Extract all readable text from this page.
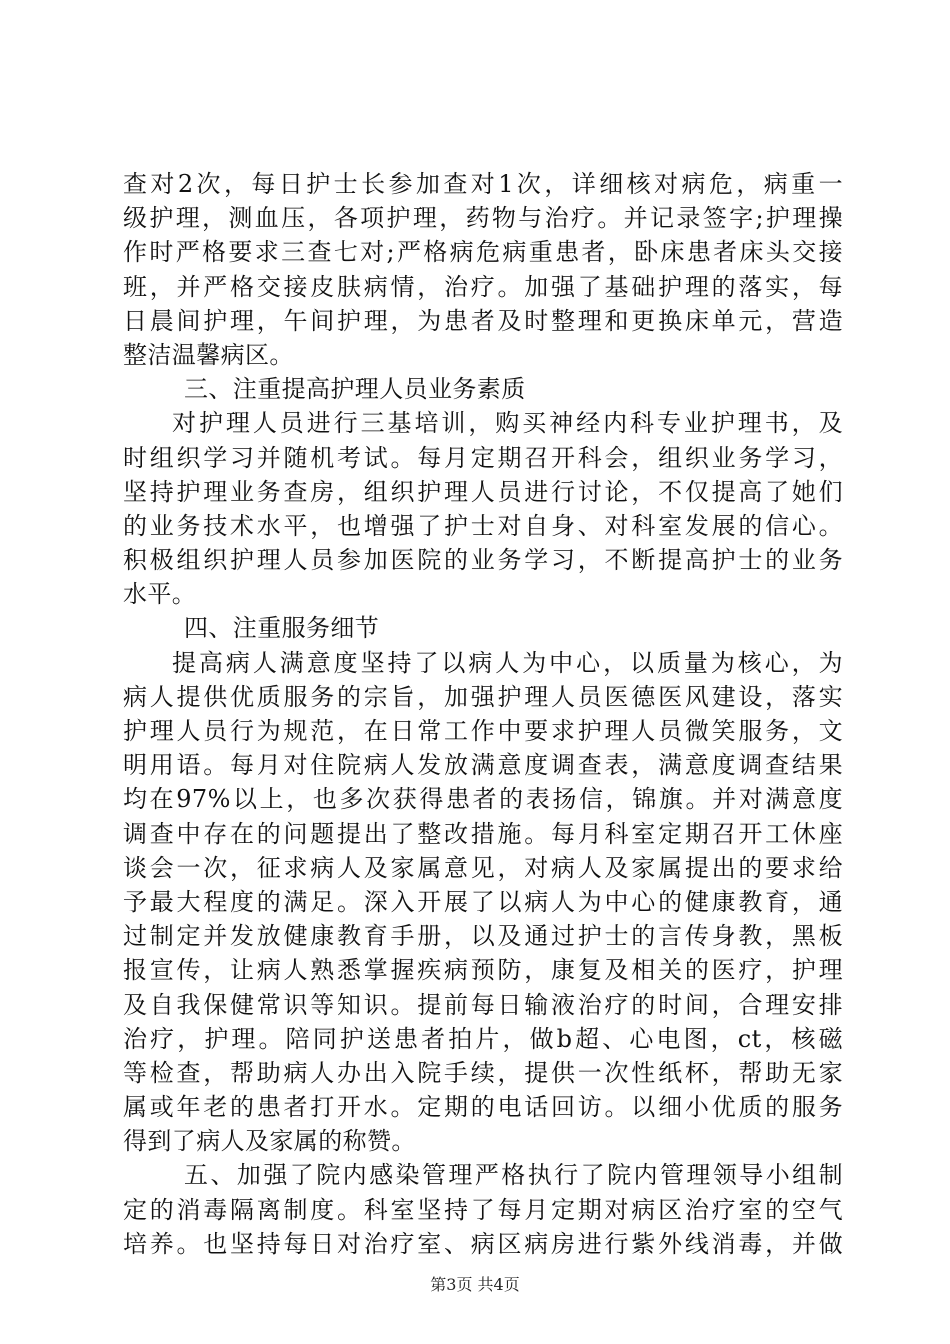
查对2次，每日护士长参加查对1次，详细核对病危，病重一
级护理，测血压，各项护理，药物与治疗。并记录签字;护理操
作时严格要求三查七对;严格病危病重患者，卧床患者床头交接
班，并严格交接皮肤病情，治疗。加强了基础护理的落实，每
日晨间护理，午间护理，为患者及时整理和更换床单元，营造
整洁温馨病区。
三、注重提高护理人员业务素质
对护理人员进行三基培训，购买神经内科专业护理书，及
时组织学习并随机考试。每月定期召开科会，组织业务学习，
坚持护理业务查房，组织护理人员进行讨论，不仅提高了她们
的业务技术水平，也增强了护士对自身、对科室发展的信心。
积极组织护理人员参加医院的业务学习，不断提高护士的业务
水平。
四、注重服务细节
提高病人满意度坚持了以病人为中心，以质量为核心，为
病人提供优质服务的宗旨，加强护理人员医德医风建设，落实
护理人员行为规范，在日常工作中要求护理人员微笑服务，文
明用语。每月对住院病人发放满意度调查表，满意度调查结果
均在97%以上，也多次获得患者的表扬信，锦旗。并对满意度
调查中存在的问题提出了整改措施。每月科室定期召开工休座
谈会一次，征求病人及家属意见，对病人及家属提出的要求给
予最大程度的满足。深入开展了以病人为中心的健康教育，通
过制定并发放健康教育手册，以及通过护士的言传身教，黑板
报宣传，让病人熟悉掌握疾病预防，康复及相关的医疗，护理
及自我保健常识等知识。提前每日输液治疗的时间，合理安排
治疗，护理。陪同护送患者拍片，做b超、心电图，ct，核磁
等检查，帮助病人办出入院手续，提供一次性纸杯，帮助无家
属或年老的患者打开水。定期的电话回访。以细小优质的服务
得到了病人及家属的称赞。
五、加强了院内感染管理严格执行了院内管理领导小组制
定的消毒隔离制度。科室坚持了每月定期对病区治疗室的空气
培养。也坚持每日对治疗室、病区病房进行紫外线消毒，并做
第3页 共4页
